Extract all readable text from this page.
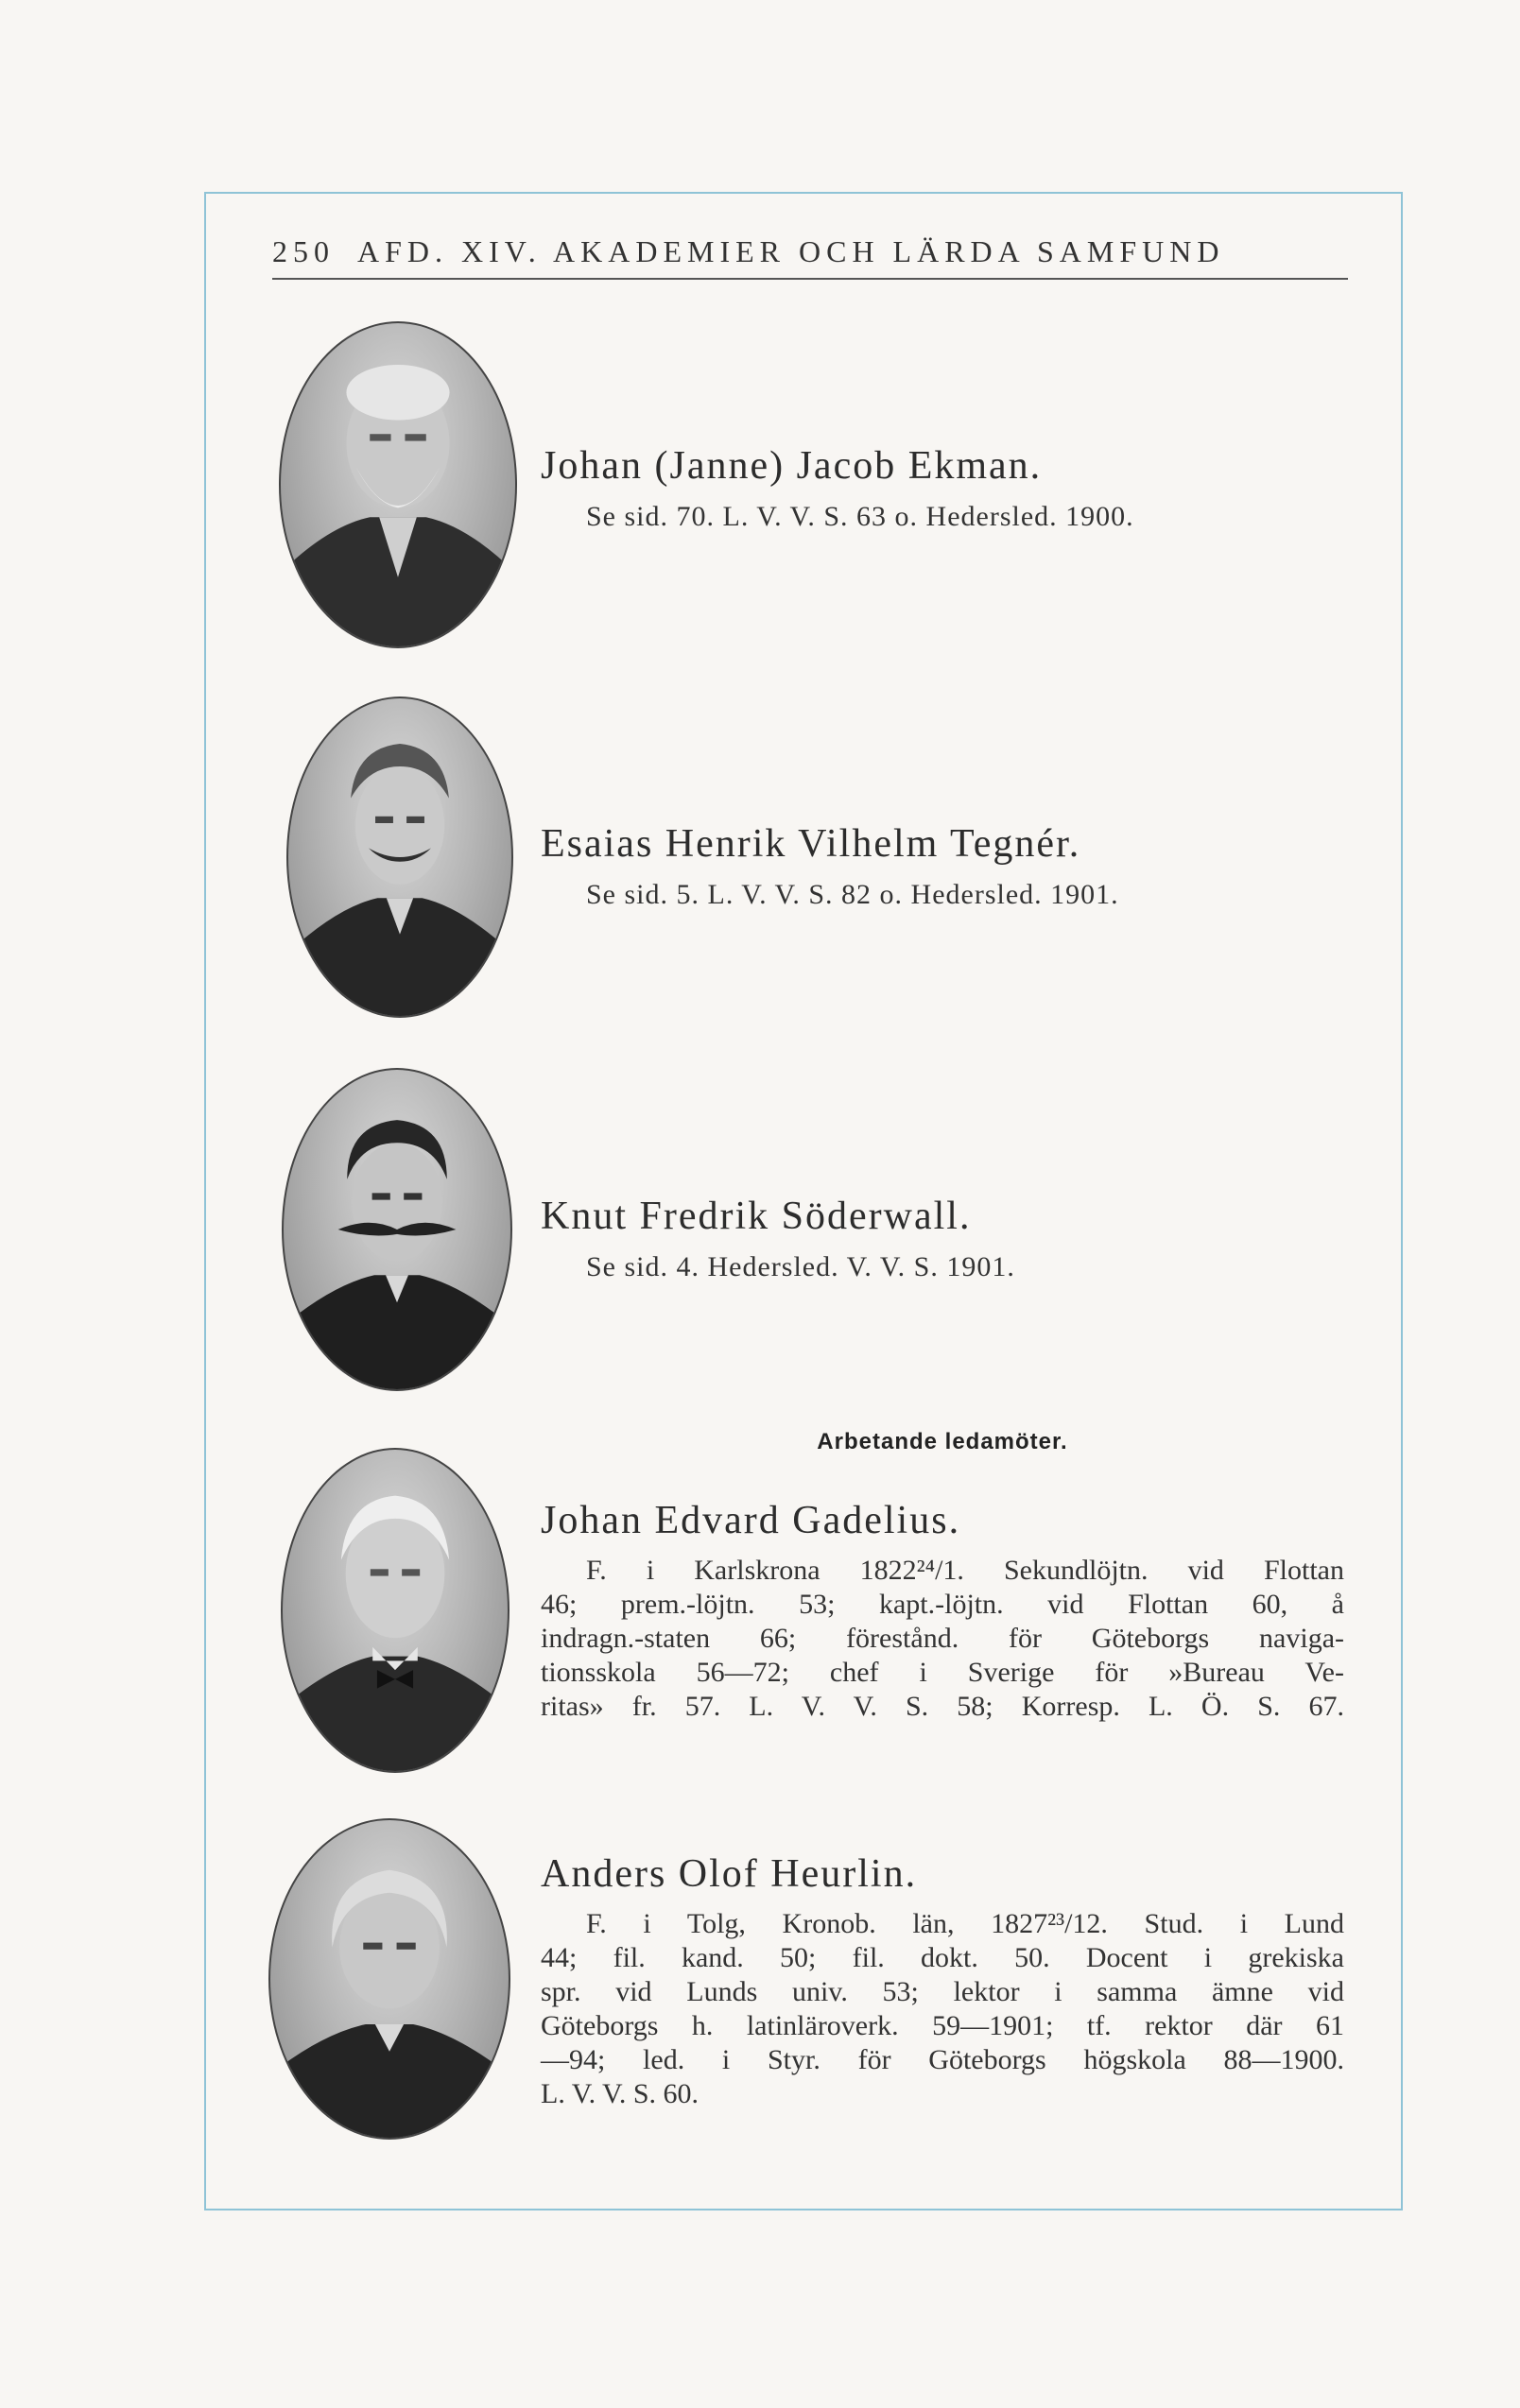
250 AFD. XIV. AKADEMIER OCH LÄRDA SAMFUND

Johan (Janne) Jacob Ekman.

Se sid. 70. L. V. V. S. 63 o. Hedersled. 1900.

Esaias Henrik Vilhelm Tegnér.

Se sid. 5. L. V. V. S. 82 o. Hedersled. 1901.

Knut Fredrik Söderwall.

Se sid. 4. Hedersled. V. V. S. 1901.

Arbetande ledamöter.

Johan Edvard Gadelius.

F. i Karlskrona 1822²⁴/1. Sekundlöjtn. vid Flottan
46; prem.-löjtn. 53; kapt.-löjtn. vid Flottan 60, å
indragn.-staten 66; förestånd. för Göteborgs naviga-
tionsskola 56—72; chef i Sverige för »Bureau Ve-
ritas» fr. 57. L. V. V. S. 58; Korresp. L. Ö. S. 67.

Anders Olof Heurlin.

F. i Tolg, Kronob. län, 1827²³/12. Stud. i Lund
44; fil. kand. 50; fil. dokt. 50. Docent i grekiska
spr. vid Lunds univ. 53; lektor i samma ämne vid
Göteborgs h. latinläroverk. 59—1901; tf. rektor där 61
—94; led. i Styr. för Göteborgs högskola 88—1900.
L. V. V. S. 60.
